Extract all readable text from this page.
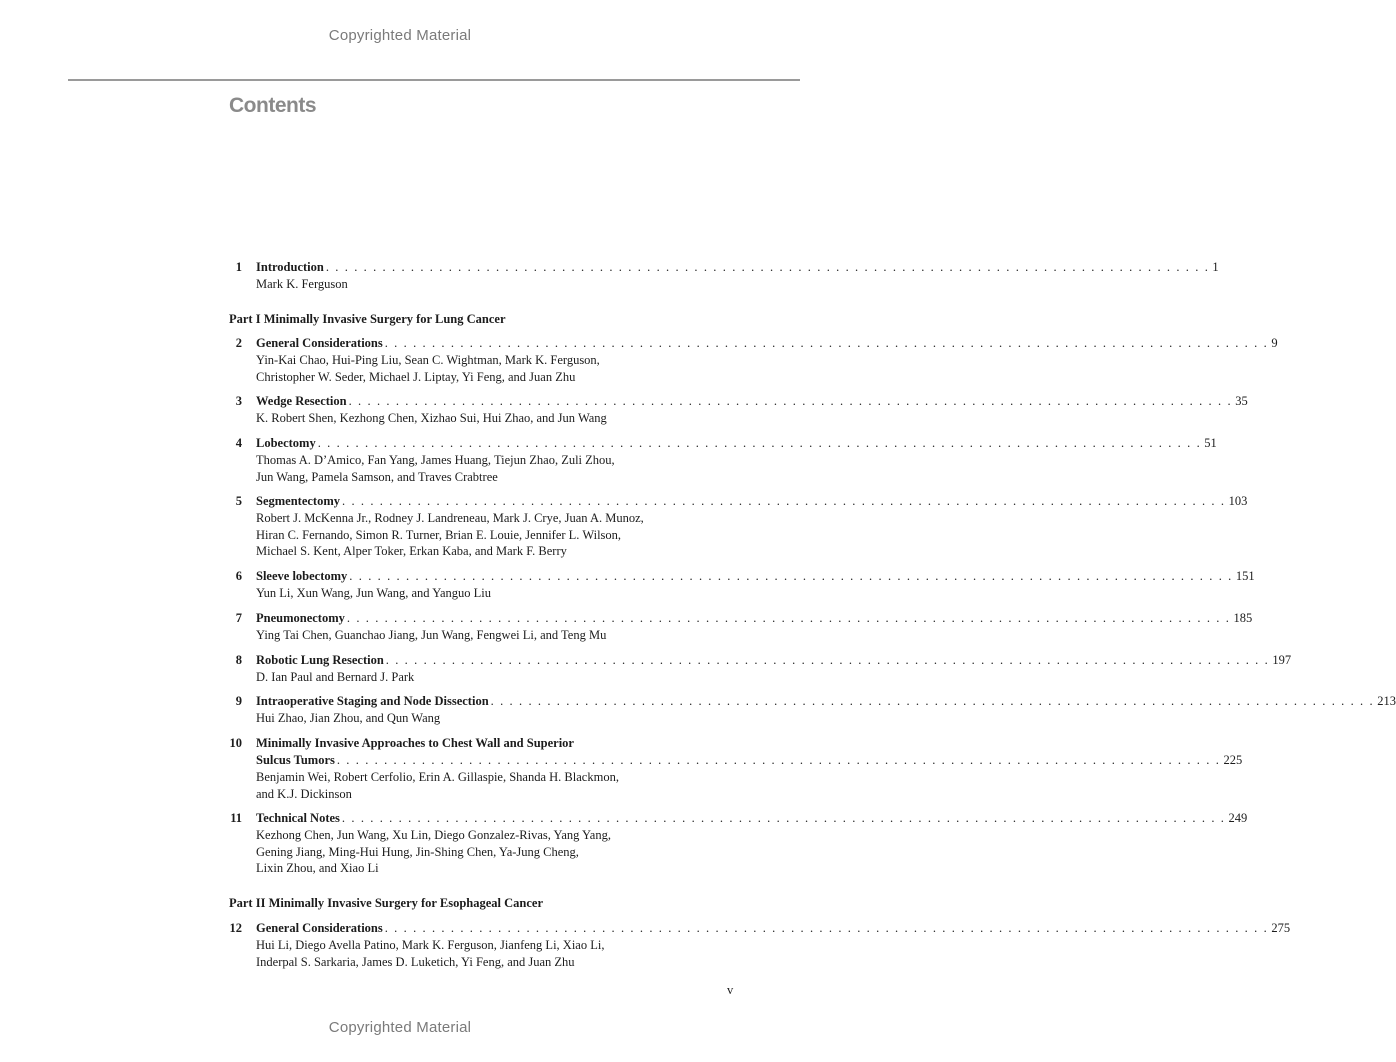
Copyrighted Material
Contents
1 Introduction . . . . . . . . . . . . . . . . . . . . . . . . . . . . . . . . . . . . . . . . . . . . . . . . . . . . . . . . . . . . . . . . . . . . . . . . . . . . . . . . . . . . . . . . . . . . . . 1
Mark K. Ferguson
Part I Minimally Invasive Surgery for Lung Cancer
2 General Considerations . . . . . . . . . . . . . . . . . . . . . . . . . . . . . . . . . . . . . . . . . . . . . . . . . . . . . . . . . . . . . . . . . . . . . . . . . . . . . . . . . . . . . . . . . . . . . . 9
Yin-Kai Chao, Hui-Ping Liu, Sean C. Wightman, Mark K. Ferguson,
Christopher W. Seder, Michael J. Liptay, Yi Feng, and Juan Zhu
3 Wedge Resection . . . . . . . . . . . . . . . . . . . . . . . . . . . . . . . . . . . . . . . . . . . . . . . . . . . . . . . . . . . . . . . . . . . . . . . . . . . . . . . . . . . . . . . . . . . . . . 35
K. Robert Shen, Kezhong Chen, Xizhao Sui, Hui Zhao, and Jun Wang
4 Lobectomy . . . . . . . . . . . . . . . . . . . . . . . . . . . . . . . . . . . . . . . . . . . . . . . . . . . . . . . . . . . . . . . . . . . . . . . . . . . . . . . . . . . . . . . . . . . . . . 51
Thomas A. D’Amico, Fan Yang, James Huang, Tiejun Zhao, Zuli Zhou,
Jun Wang, Pamela Samson, and Traves Crabtree
5 Segmentectomy . . . . . . . . . . . . . . . . . . . . . . . . . . . . . . . . . . . . . . . . . . . . . . . . . . . . . . . . . . . . . . . . . . . . . . . . . . . . . . . . . . . . . . . . . . . . . . 103
Robert J. McKenna Jr., Rodney J. Landreneau, Mark J. Crye, Juan A. Munoz,
Hiran C. Fernando, Simon R. Turner, Brian E. Louie, Jennifer L. Wilson,
Michael S. Kent, Alper Toker, Erkan Kaba, and Mark F. Berry
6 Sleeve lobectomy . . . . . . . . . . . . . . . . . . . . . . . . . . . . . . . . . . . . . . . . . . . . . . . . . . . . . . . . . . . . . . . . . . . . . . . . . . . . . . . . . . . . . . . . . . . . . . 151
Yun Li, Xun Wang, Jun Wang, and Yanguo Liu
7 Pneumonectomy . . . . . . . . . . . . . . . . . . . . . . . . . . . . . . . . . . . . . . . . . . . . . . . . . . . . . . . . . . . . . . . . . . . . . . . . . . . . . . . . . . . . . . . . . . . . . . 185
Ying Tai Chen, Guanchao Jiang, Jun Wang, Fengwei Li, and Teng Mu
8 Robotic Lung Resection . . . . . . . . . . . . . . . . . . . . . . . . . . . . . . . . . . . . . . . . . . . . . . . . . . . . . . . . . . . . . . . . . . . . . . . . . . . . . . . . . . . . . . . . . . . . . . 197
D. Ian Paul and Bernard J. Park
9 Intraoperative Staging and Node Dissection . . . . . . . . . . . . . . . . . . . . . . . . . . . . . . . . . . . . . . . . . . . . . . . . . . . . . . . . . . . . . . . . . . . . . . . . . . . . . . . . . . . . . . . . . . . . . . 213
Hui Zhao, Jian Zhou, and Qun Wang
10 Minimally Invasive Approaches to Chest Wall and Superior
Sulcus Tumors . . . . . . . . . . . . . . . . . . . . . . . . . . . . . . . . . . . . . . . . . . . . . . . . . . . . . . . . . . . . . . . . . . . . . . . . . . . . . . . . . . . . . . . . . . . . . . 225
Benjamin Wei, Robert Cerfolio, Erin A. Gillaspie, Shanda H. Blackmon,
and K.J. Dickinson
11 Technical Notes . . . . . . . . . . . . . . . . . . . . . . . . . . . . . . . . . . . . . . . . . . . . . . . . . . . . . . . . . . . . . . . . . . . . . . . . . . . . . . . . . . . . . . . . . . . . . . 249
Kezhong Chen, Jun Wang, Xu Lin, Diego Gonzalez-Rivas, Yang Yang,
Gening Jiang, Ming-Hui Hung, Jin-Shing Chen, Ya-Jung Cheng,
Lixin Zhou, and Xiao Li
Part II Minimally Invasive Surgery for Esophageal Cancer
12 General Considerations . . . . . . . . . . . . . . . . . . . . . . . . . . . . . . . . . . . . . . . . . . . . . . . . . . . . . . . . . . . . . . . . . . . . . . . . . . . . . . . . . . . . . . . . . . . . . . 275
Hui Li, Diego Avella Patino, Mark K. Ferguson, Jianfeng Li, Xiao Li,
Inderpal S. Sarkaria, James D. Luketich, Yi Feng, and Juan Zhu
v
Copyrighted Material
